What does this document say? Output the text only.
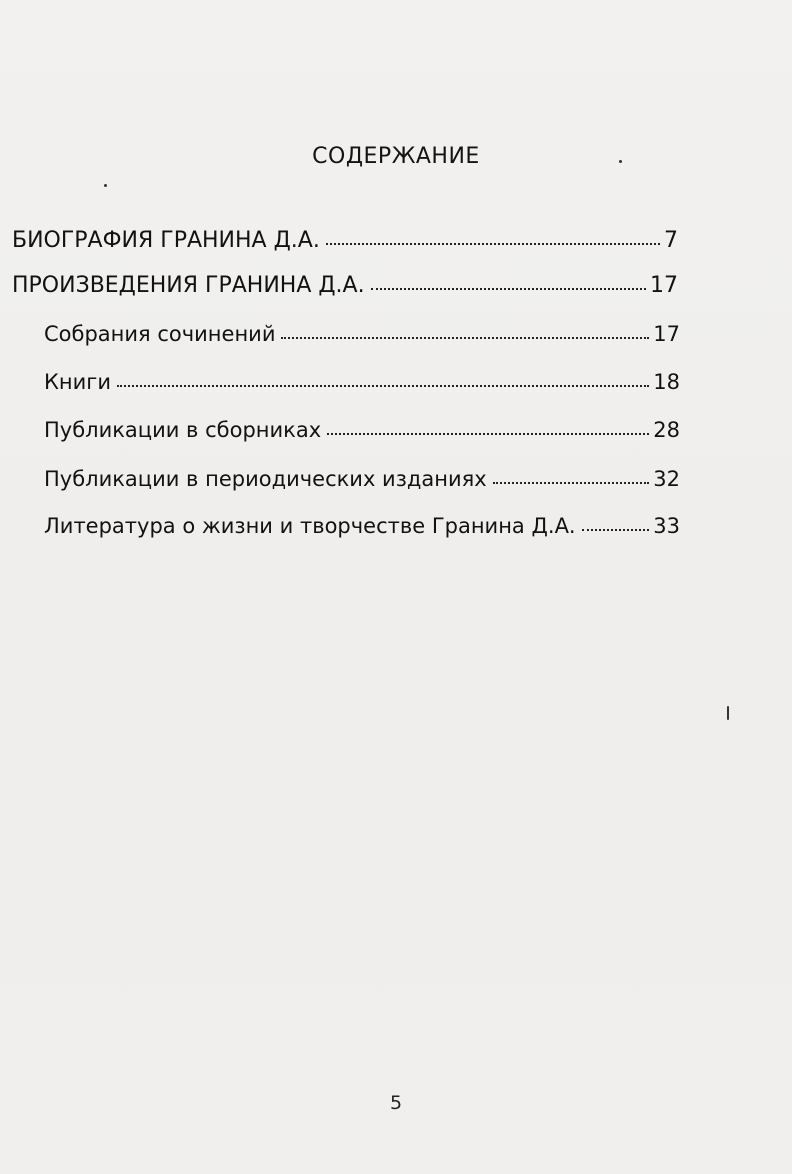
СОДЕРЖАНИЕ
БИОГРАФИЯ ГРАНИНА Д.А.	7
ПРОИЗВЕДЕНИЯ ГРАНИНА Д.А.	17
Собрания сочинений	17
Книги	18
Публикации в сборниках	28
Публикации в периодических изданиях	32
Литература о жизни и творчестве Гранина Д.А.	33
5
